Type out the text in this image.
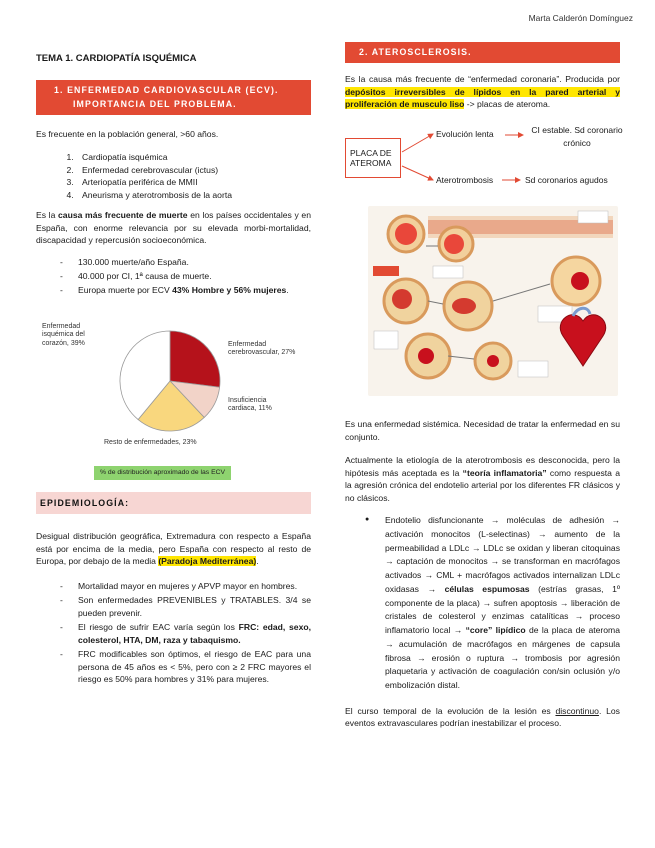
Marta Calderón Domínguez
TEMA 1. CARDIOPATÍA ISQUÉMICA
1. ENFERMEDAD CARDIOVASCULAR (ECV).
IMPORTANCIA DEL PROBLEMA.

Es frecuente en la población general, >60 años.

1. Cardiopatía isquémica
2. Enfermedad cerebrovascular (ictus)
3. Arteriopatía periférica de MMII
4. Aneurisma y aterotrombosis de la aorta

Es la causa más frecuente de muerte en los países occidentales y en España, con enorme relevancia por su elevada morbi-mortalidad, discapacidad y repercusión socioeconómica.

- 130.000 muerte/año España.
- 40.000 por CI, 1ª causa de muerte.
- Europa muerte por ECV 43% Hombre y 56% mujeres.
Enfermedad isquémica del corazón, 39%	Enfermedad cerebrovascular, 27%
Insuficiencia cardiaca, 11%
Resto de enfermedades, 23%
% de distribución aproximado de las ECV
EPIDEMIOLOGÍA:

Desigual distribución geográfica, Extremadura con respecto a España está por encima de la media, pero España con respecto al resto de Europa, por debajo de la media (Paradoja Mediterránea).

- Mortalidad mayor en mujeres y APVP mayor en hombres.
- Son enfermedades PREVENIBLES y TRATABLES. 3/4 se pueden prevenir.
- El riesgo de sufrir EAC varía según los FRC: edad, sexo, colesterol, HTA, DM, raza y tabaquismo.
- FRC modificables son óptimos, el riesgo de EAC para una persona de 45 años es < 5%, pero con ≥ 2 FRC mayores el riesgo es 50% para hombres y 31% para mujeres.
2. ATEROSCLEROSIS.

Es la causa más frecuente de “enfermedad coronaria”. Producida por depósitos irreversibles de lípidos en la pared arterial y proliferación de musculo liso -> placas de ateroma.

PLACA DE
ATEROMA
Evolución lenta	CI estable. Sd coronario
crónico
Aterotrombosis	Sd coronarios agudos

Es una enfermedad sistémica. Necesidad de tratar la enfermedad en su conjunto.

Actualmente la etiología de la aterotrombosis es desconocida, pero la hipótesis más aceptada es la “teoría inflamatoria” como respuesta a la agresión crónica del endotelio arterial por los diferentes FR clásicos y no clásicos.

● Endotelio disfuncionante → moléculas de adhesión → activación monocitos (L-selectinas) → aumento de la permeabilidad a LDLc → LDLc se oxidan y liberan citoquinas → captación de monocitos → se transforman en macrófagos activados → CML + macrófagos activados internalizan LDLc oxidasas → células espumosas (estrías grasas, 1º componente de la placa) → sufren apoptosis → liberación de cristales de colesterol y enzimas catalíticas → proceso inflamatorio local → “core” lipídico de la placa de ateroma → acumulación de macrófagos en márgenes de capsula fibrosa → erosión o ruptura → trombosis por agresión plaquetaria y activación de coagulación con/sin oclusión y/o embolización distal.

El curso temporal de la evolución de la lesión es discontinuo. Los eventos extravasculares podrían inestabilizar el proceso.
